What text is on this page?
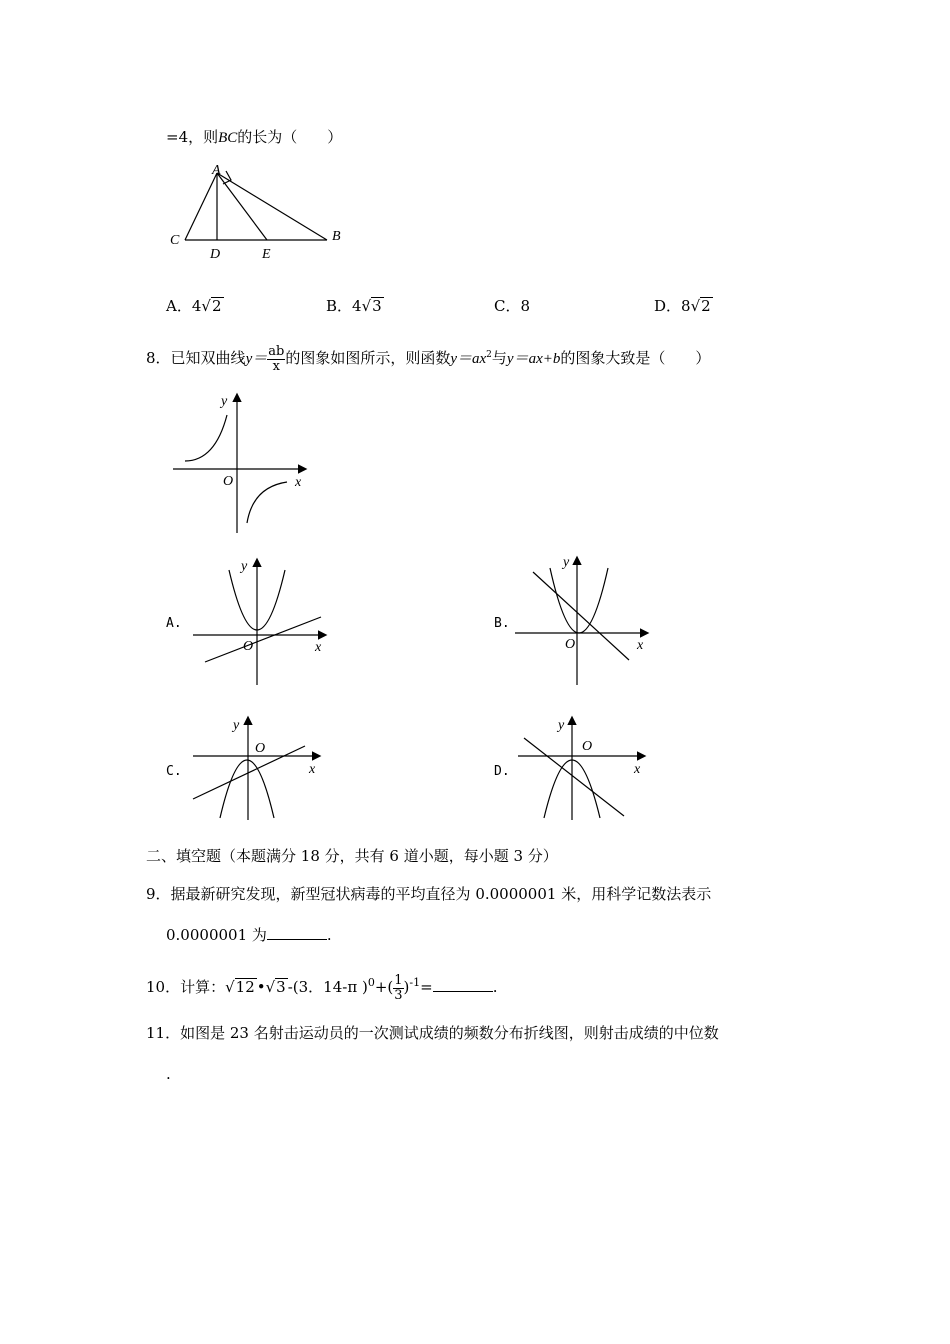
=4，则BC的长为（　　）
A
C	B
D	E
A．4√2	B．4√3	C．8	D．8√2
8．已知双曲线$y= \frac{ab}{x}$ 的图象如图所示，则函数$y=ax^2$与y＝ax+b的图象大致是（　　）
y
O	x
A.
y
O	x
B.
y
O	x
C.
y
O
x	D.
y
O
x
二、填空题（本题满分 18 分，共有 6 道小题，每小题 3 分）
9．据最新研究发现，新型冠状病毒的平均直径为 0.0000001 米，用科学记数法表示
0.0000001 为	.
10．计算：√12 •√3 -(3．14-π )$^0+( \frac{1}{3} )^{-1}=$	.
11．如图是 23 名射击运动员的一次测试成绩的频数分布折线图，则射击成绩的中位数
.
